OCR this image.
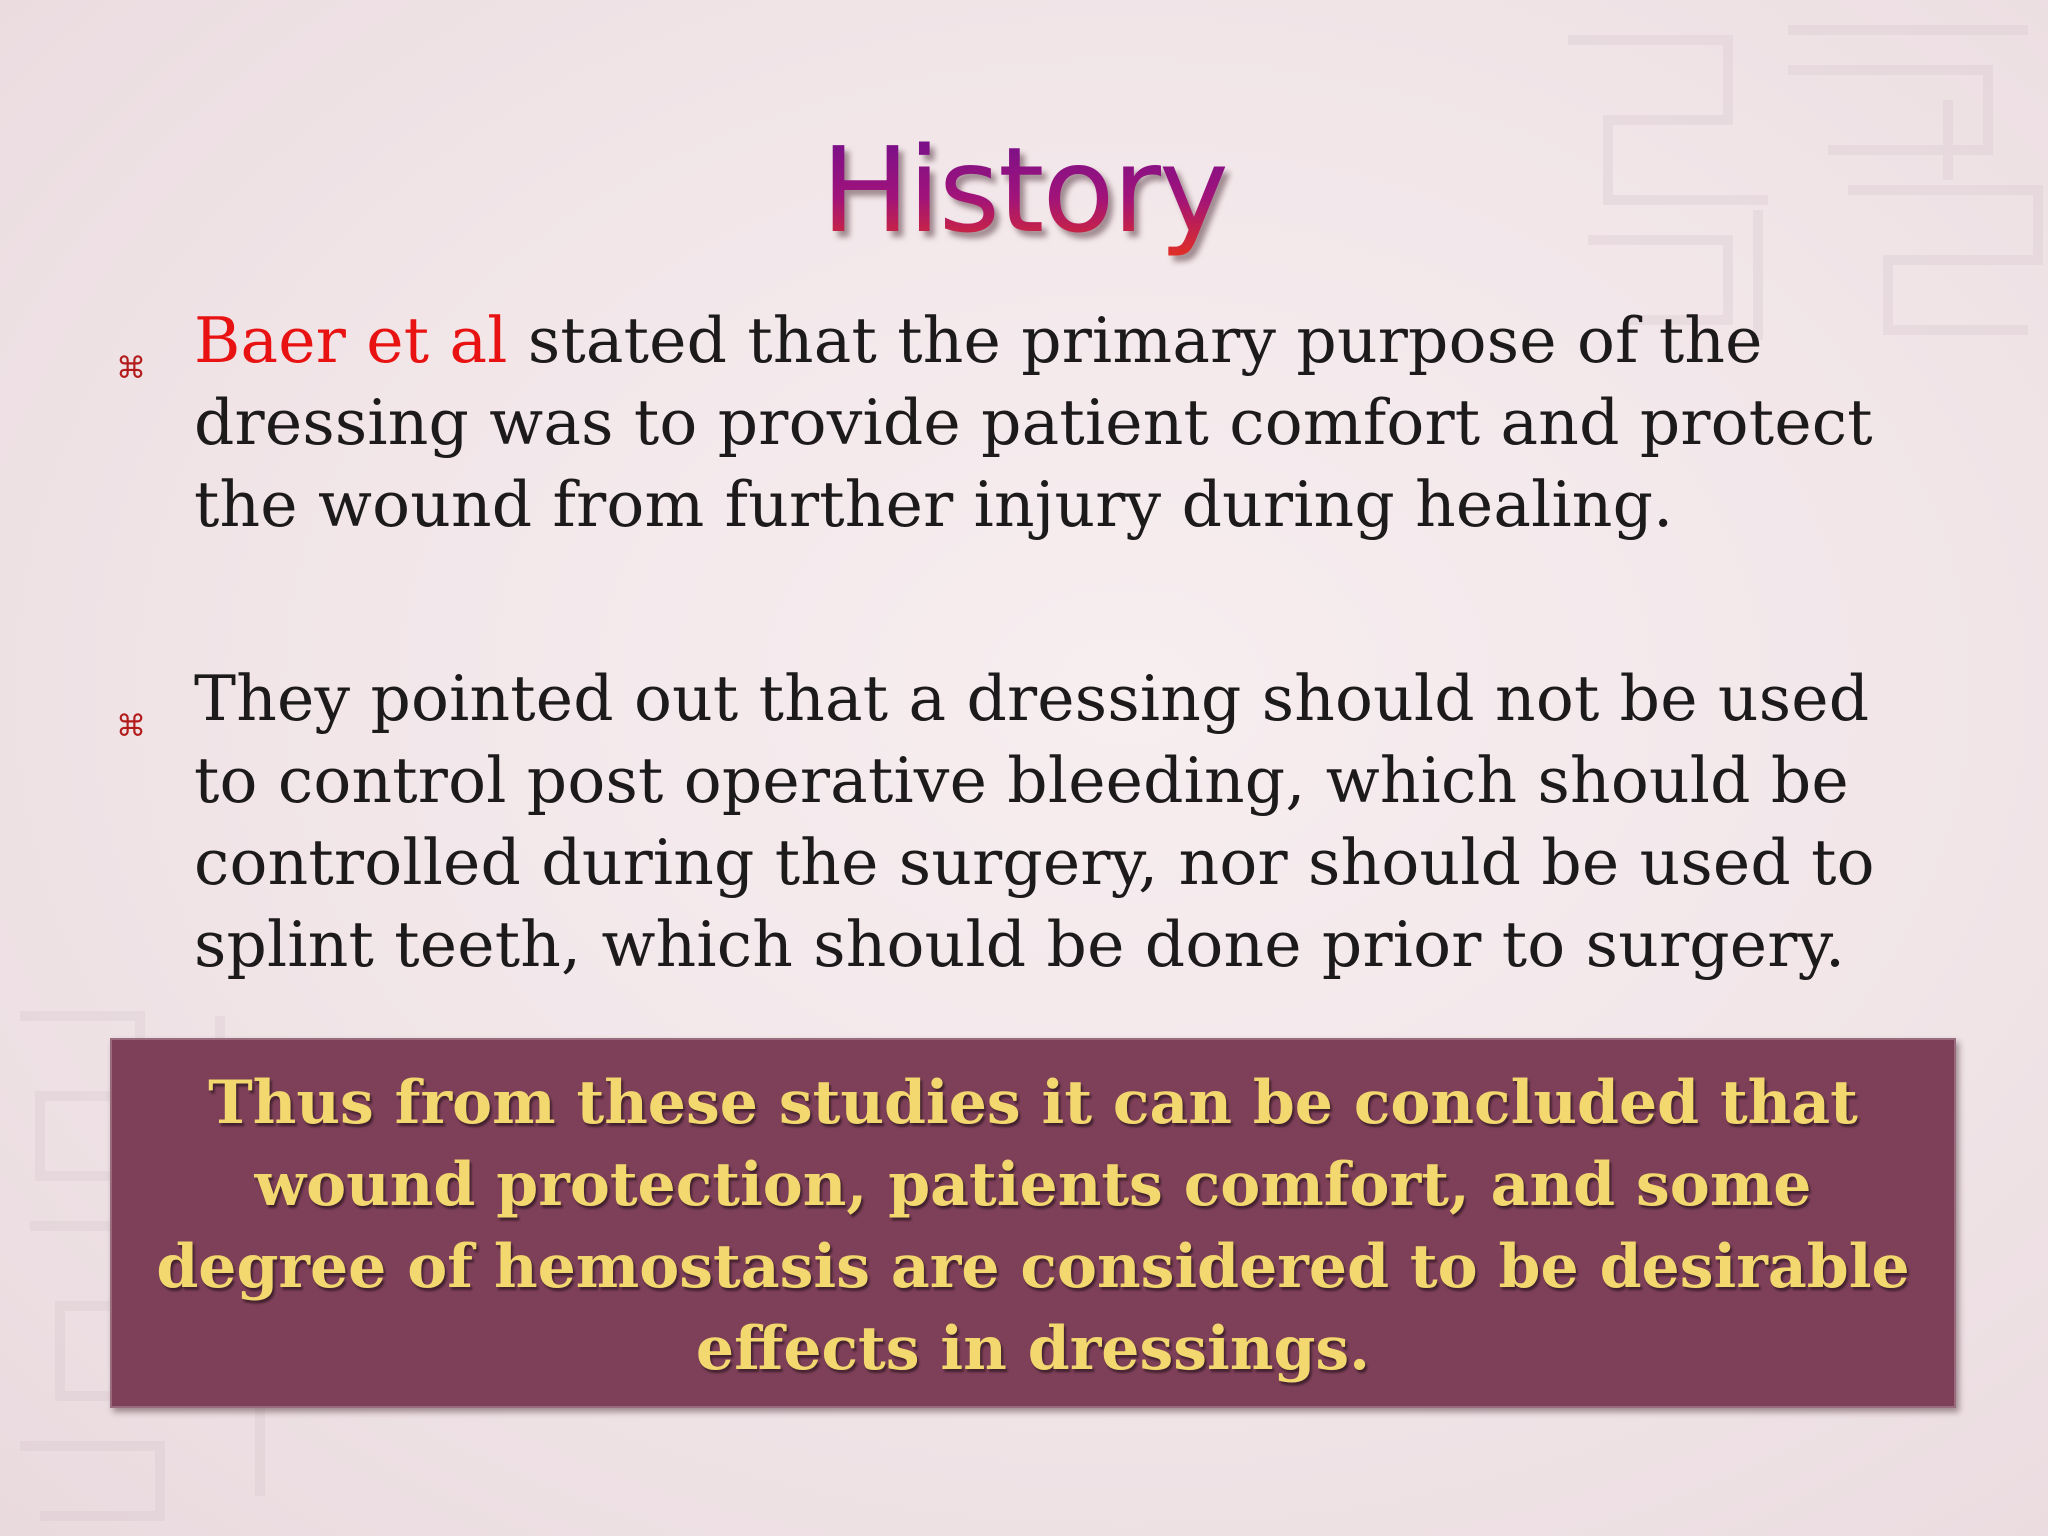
History
⌘ Baer et al stated that the primary purpose of the dressing was to provide patient comfort and protect the wound from further injury during healing.
⌘ They pointed out that a dressing should not be used to control post operative bleeding, which should be controlled during the surgery, nor should be used to splint teeth, which should be done prior to surgery.
Thus from these studies it can be concluded that wound protection, patients comfort, and some degree of hemostasis are considered to be desirable effects in dressings.
